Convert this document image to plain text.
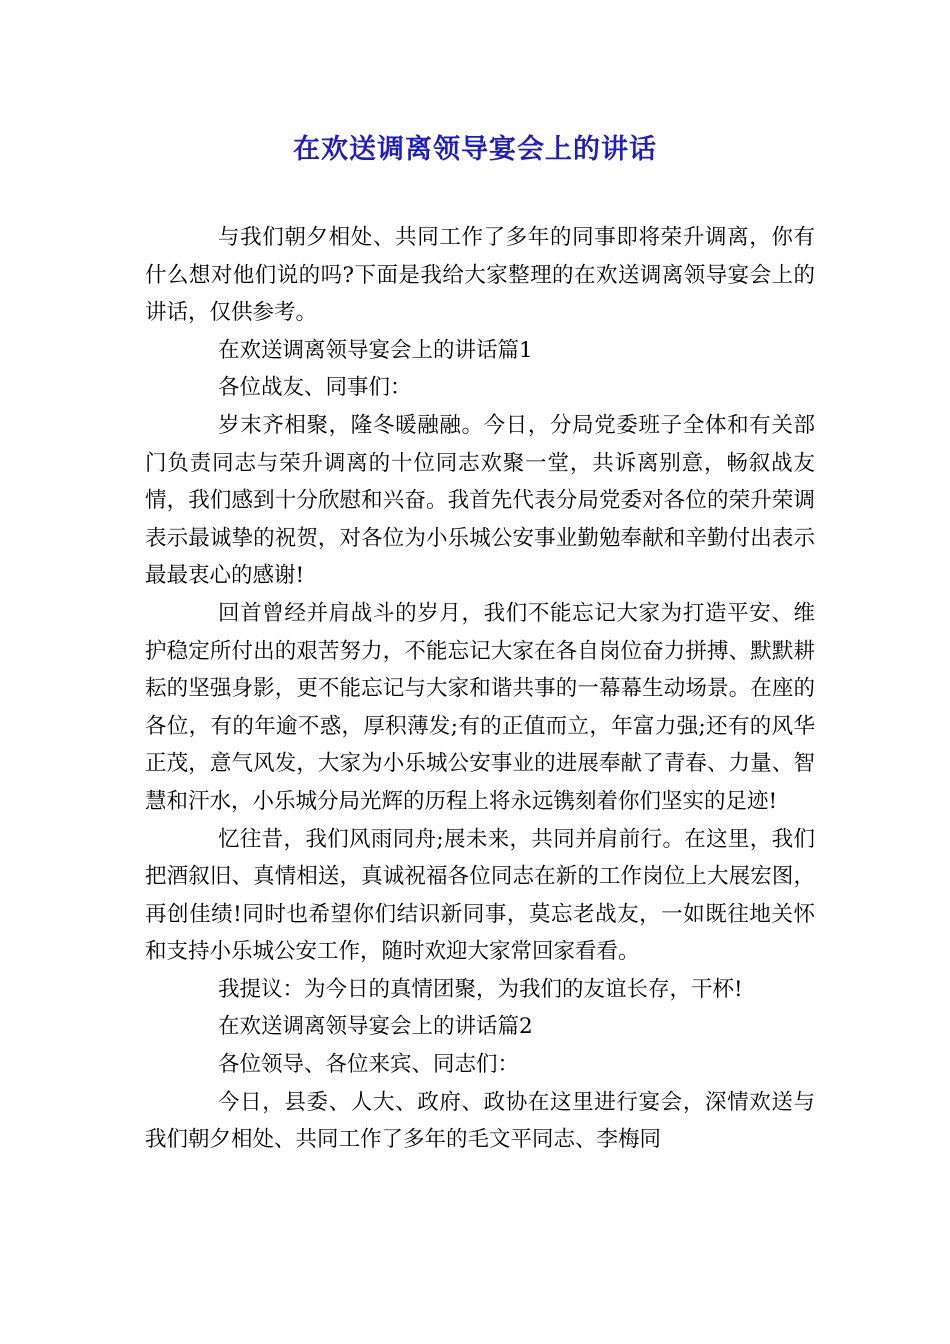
在欢送调离领导宴会上的讲话

与我们朝夕相处、共同工作了多年的同事即将荣升调离，你有什么想对他们说的吗?下面是我给大家整理的在欢送调离领导宴会上的讲话，仅供参考。

在欢送调离领导宴会上的讲话篇1

各位战友、同事们：

岁末齐相聚，隆冬暖融融。今日，分局党委班子全体和有关部门负责同志与荣升调离的十位同志欢聚一堂，共诉离别意，畅叙战友情，我们感到十分欣慰和兴奋。我首先代表分局党委对各位的荣升荣调表示最诚挚的祝贺，对各位为小乐城公安事业勤勉奉献和辛勤付出表示最最衷心的感谢!

回首曾经并肩战斗的岁月，我们不能忘记大家为打造平安、维护稳定所付出的艰苦努力，不能忘记大家在各自岗位奋力拼搏、默默耕耘的坚强身影，更不能忘记与大家和谐共事的一幕幕生动场景。在座的各位，有的年逾不惑，厚积薄发;有的正值而立，年富力强;还有的风华正茂，意气风发，大家为小乐城公安事业的进展奉献了青春、力量、智慧和汗水，小乐城分局光辉的历程上将永远镌刻着你们坚实的足迹!

忆往昔，我们风雨同舟;展未来，共同并肩前行。在这里，我们把酒叙旧、真情相送，真诚祝福各位同志在新的工作岗位上大展宏图，再创佳绩!同时也希望你们结识新同事，莫忘老战友，一如既往地关怀和支持小乐城公安工作，随时欢迎大家常回家看看。

我提议：为今日的真情团聚，为我们的友谊长存，干杯!

在欢送调离领导宴会上的讲话篇2

各位领导、各位来宾、同志们：

今日，县委、人大、政府、政协在这里进行宴会，深情欢送与我们朝夕相处、共同工作了多年的毛文平同志、李梅同
